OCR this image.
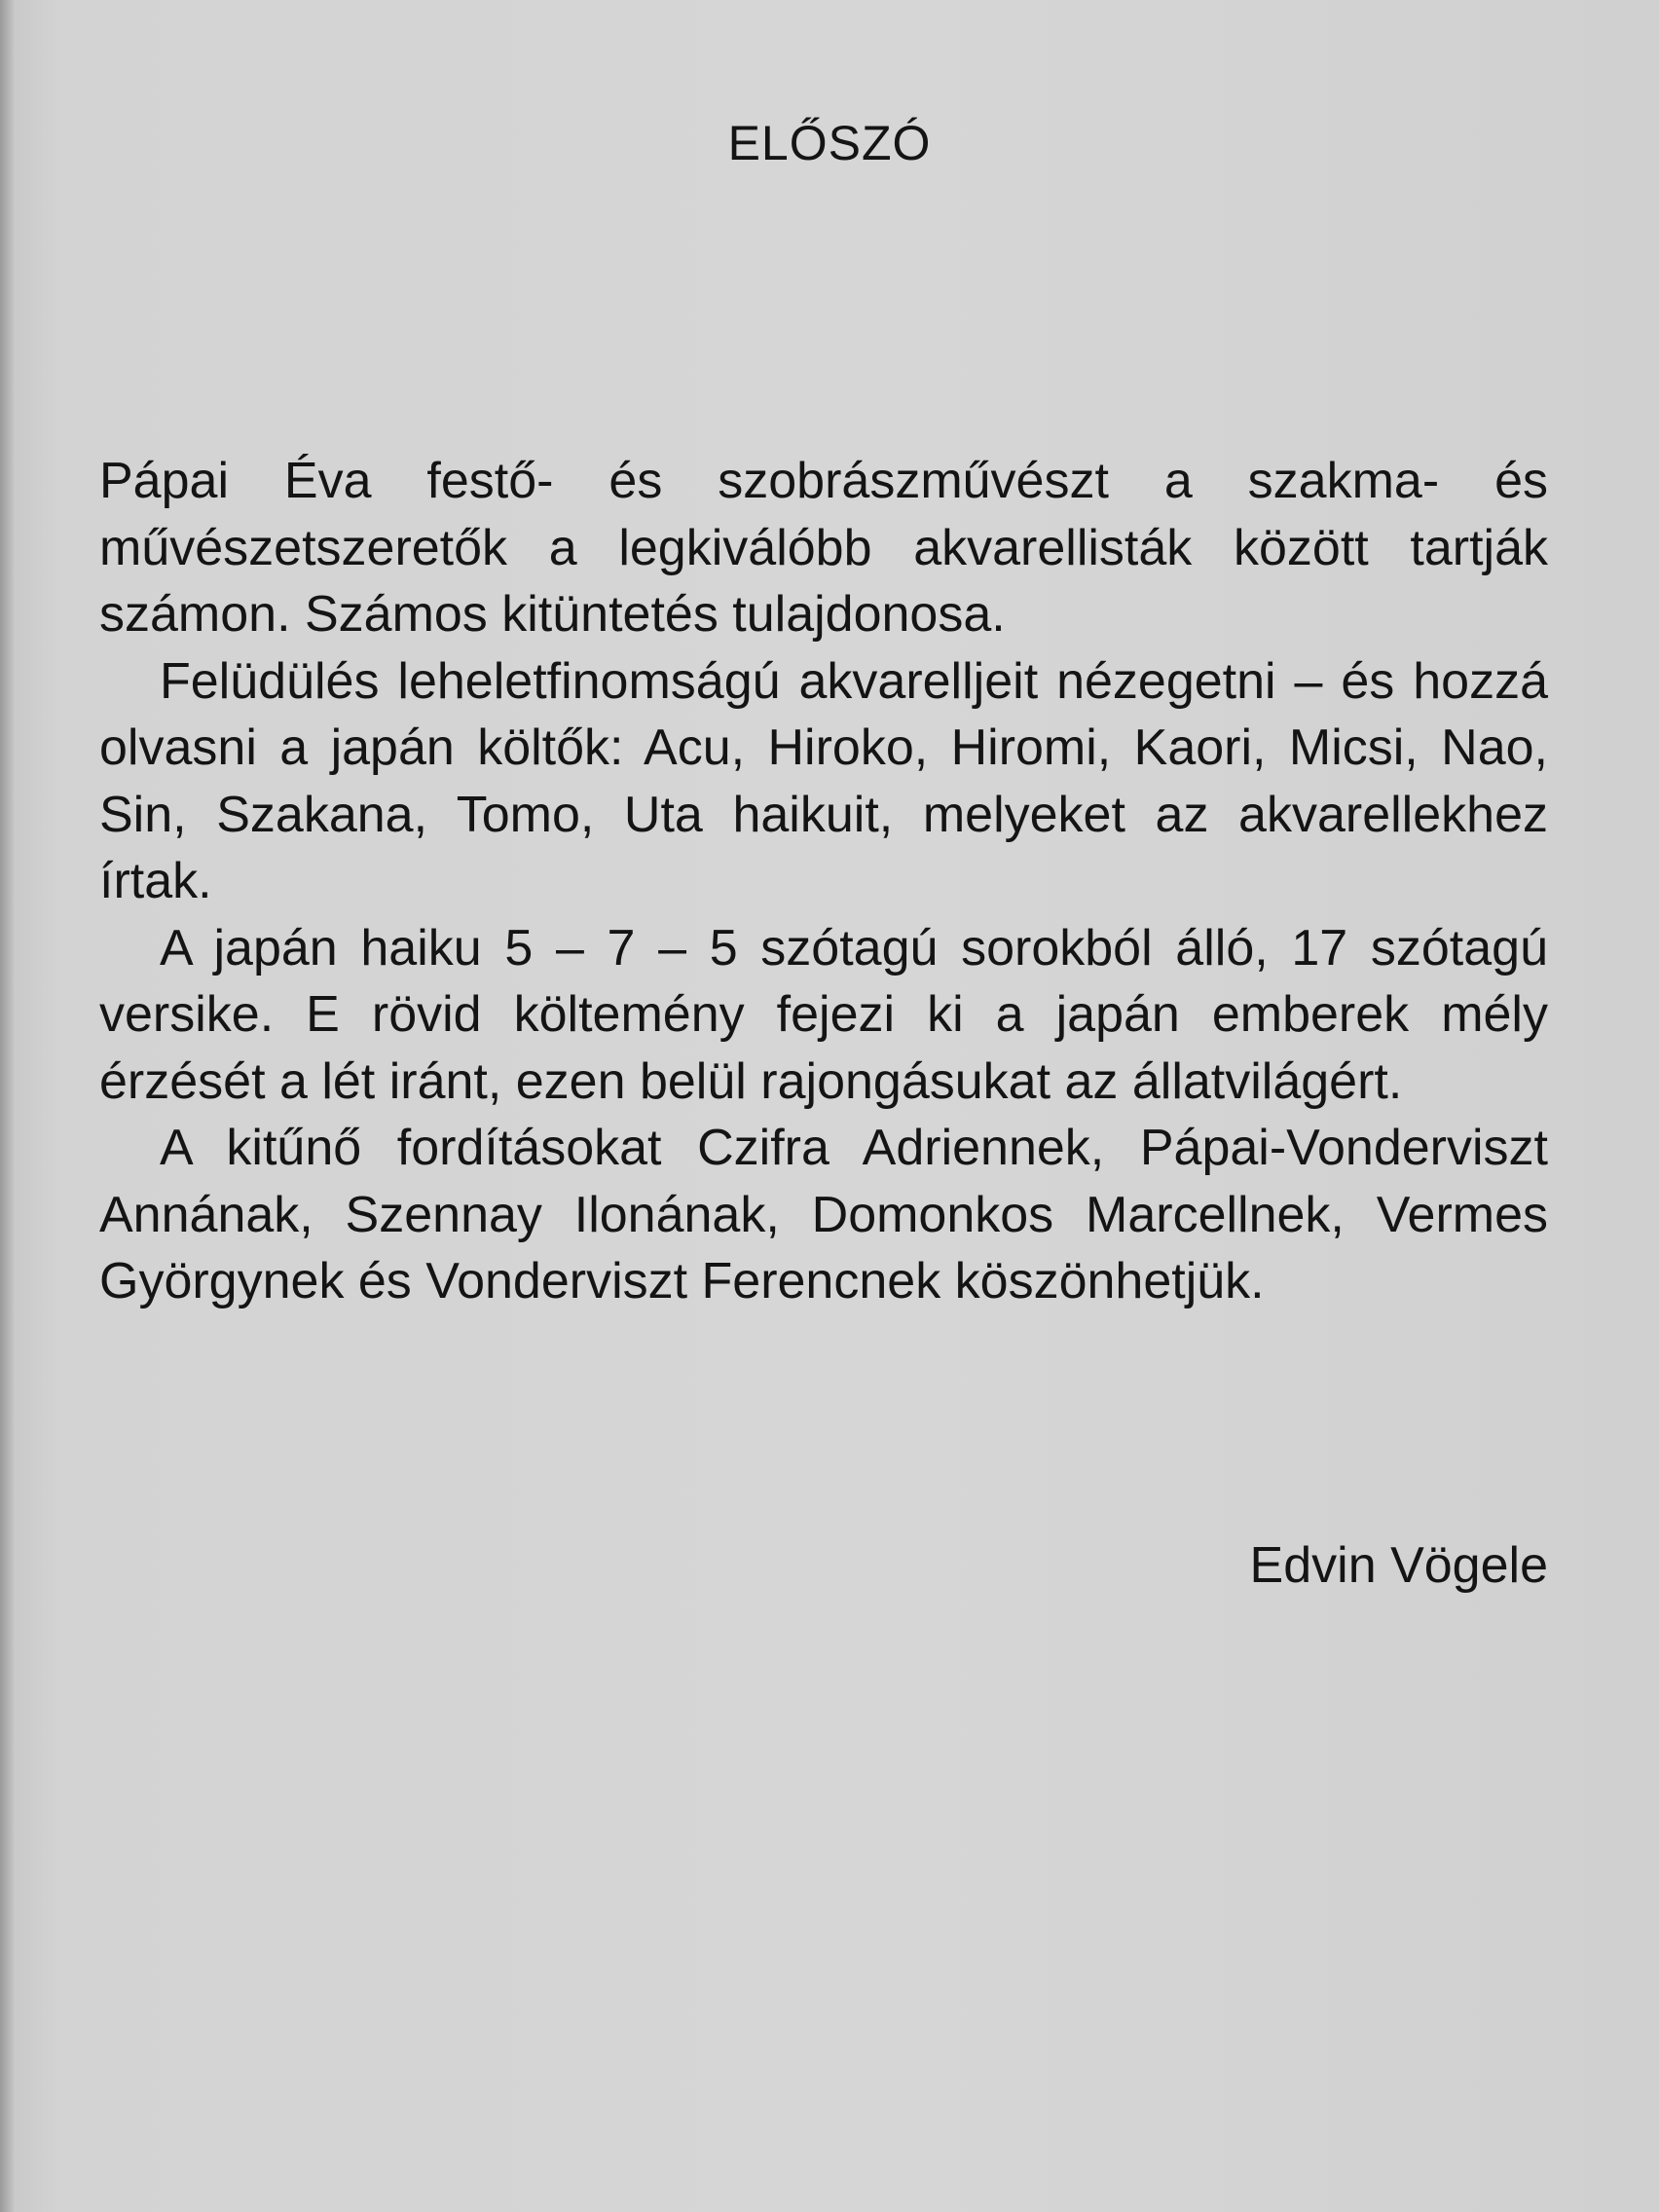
ELŐSZÓ

Pápai Éva festő- és szobrászművészt a szakma- és művészetszeretők a legkiválóbb akvarellisták között tartják számon. Számos kitüntetés tulajdonosa.

Felüdülés leheletfinomságú akvarelljeit nézegetni – és hozzá olvasni a japán költők: Acu, Hiroko, Hiromi, Kaori, Micsi, Nao, Sin, Szakana, Tomo, Uta haikuit, melyeket az akvarellekhez írtak.

A japán haiku 5 – 7 – 5 szótagú sorokból álló, 17 szótagú versike. E rövid költemény fejezi ki a japán emberek mély érzését a lét iránt, ezen belül rajongásukat az állatvilágért.

A kitűnő fordításokat Czifra Adriennek, Pápai-Vonderviszt Annának, Szennay Ilonának, Domonkos Marcellnek, Vermes Györgynek és Vonderviszt Ferencnek köszönhetjük.

Edvin Vögele
